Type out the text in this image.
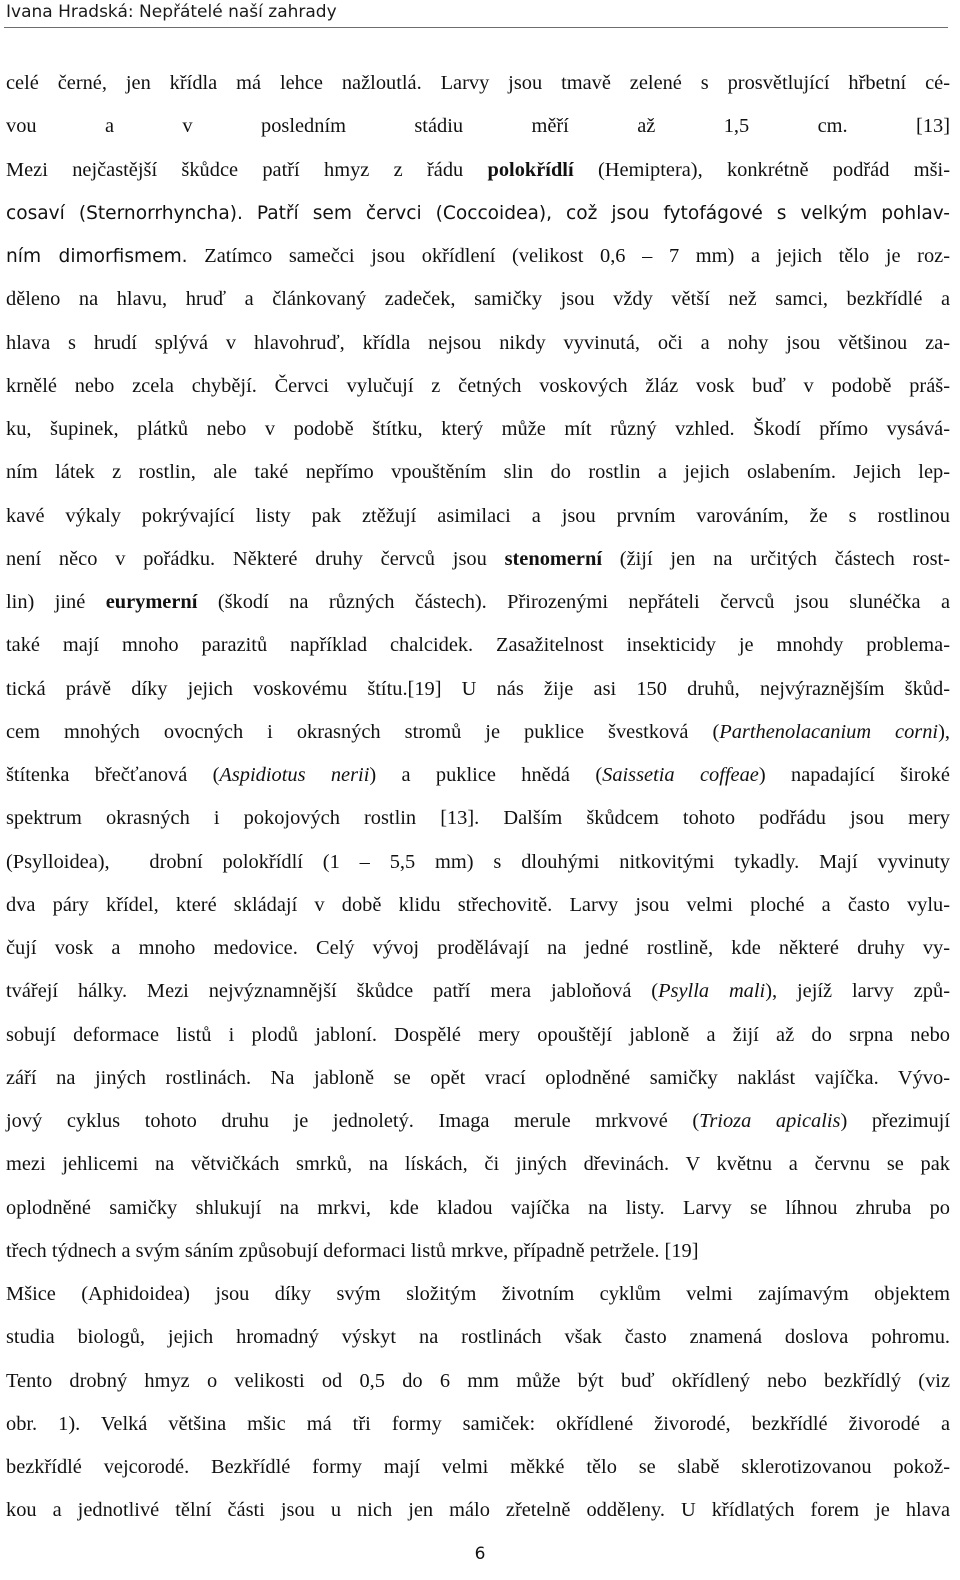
Ivana Hradská: Nepřátelé naší zahrady
celé černé, jen křídla má lehce nažloutlá. Larvy jsou tmavě zelené s prosvětlující hřbetní cé-
vou a v posledním stádiu měří až 1,5 cm. [13]
Mezi nejčastější škůdce patří hmyz z řádu polokřídlí (Hemiptera), konkrétně podřád mši-
cosaví (Sternorrhyncha). Patří sem červci (Coccoidea), což jsou fytofágové s velkým pohlav-
ním dimorfismem. Zatímco samečci jsou okřídlení (velikost 0,6 – 7 mm) a jejich tělo je roz-
děleno na hlavu, hruď a článkovaný zadeček, samičky jsou vždy větší než samci, bezkřídlé a
hlava s hrudí splývá v hlavohruď, křídla nejsou nikdy vyvinutá, oči a nohy jsou většinou za-
krnělé nebo zcela chybějí. Červci vylučují z četných voskových žláz vosk buď v podobě práš-
ku, šupinek, plátků nebo v podobě štítku, který může mít různý vzhled. Škodí přímo vysává-
ním látek z rostlin, ale také nepřímo vpouštěním slin do rostlin a jejich oslabením. Jejich lep-
kavé výkaly pokrývající listy pak ztěžují asimilaci a jsou prvním varováním, že s rostlinou
není něco v pořádku. Některé druhy červců jsou stenomerní (žijí jen na určitých částech rost-
lin) jiné eurymerní (škodí na různých částech). Přirozenými nepřáteli červců jsou slunéčka a
také mají mnoho parazitů například chalcidek. Zasažitelnost insekticidy je mnohdy problema-
tická právě díky jejich voskovému štítu.[19] U nás žije asi 150 druhů, nejvýraznějším škůd-
cem mnohých ovocných i okrasných stromů je puklice švestková (Parthenolacanium corni),
štítenka břečťanová (Aspidiotus nerii) a puklice hnědá (Saissetia coffeae) napadající široké
spektrum okrasných i pokojových rostlin [13]. Dalším škůdcem tohoto podřádu jsou mery
(Psylloidea),  drobní polokřídlí (1 – 5,5 mm) s dlouhými nitkovitými tykadly. Mají vyvinuty
dva páry křídel, které skládají v době klidu střechovitě. Larvy jsou velmi ploché a často vylu-
čují vosk a mnoho medovice. Celý vývoj prodělávají na jedné rostlině, kde některé druhy vy-
tvářejí hálky. Mezi nejvýznamnější škůdce patří mera jabloňová (Psylla mali), jejíž larvy způ-
sobují deformace listů i plodů jabloní. Dospělé mery opouštějí jabloně a žijí až do srpna nebo
září na jiných rostlinách. Na jabloně se opět vrací oplodněné samičky naklást vajíčka. Vývo-
jový cyklus tohoto druhu je jednoletý. Imaga merule mrkvové (Trioza apicalis) přezimují
mezi jehlicemi na větvičkách smrků, na lískách, či jiných dřevinách. V květnu a červnu se pak
oplodněné samičky shlukují na mrkvi, kde kladou vajíčka na listy. Larvy se líhnou zhruba po
třech týdnech a svým sáním způsobují deformaci listů mrkve, případně petržele. [19]
Mšice (Aphidoidea) jsou díky svým složitým životním cyklům velmi zajímavým objektem
studia biologů, jejich hromadný výskyt na rostlinách však často znamená doslova pohromu.
Tento drobný hmyz o velikosti od 0,5 do 6 mm může být buď okřídlený nebo bezkřídlý (viz
obr. 1). Velká většina mšic má tři formy samiček: okřídlené živorodé, bezkřídlé živorodé a
bezkřídlé vejcorodé. Bezkřídlé formy mají velmi měkké tělo se slabě sklerotizovanou pokož-
kou a jednotlivé tělní části jsou u nich jen málo zřetelně odděleny. U křídlatých forem je hlava
6
